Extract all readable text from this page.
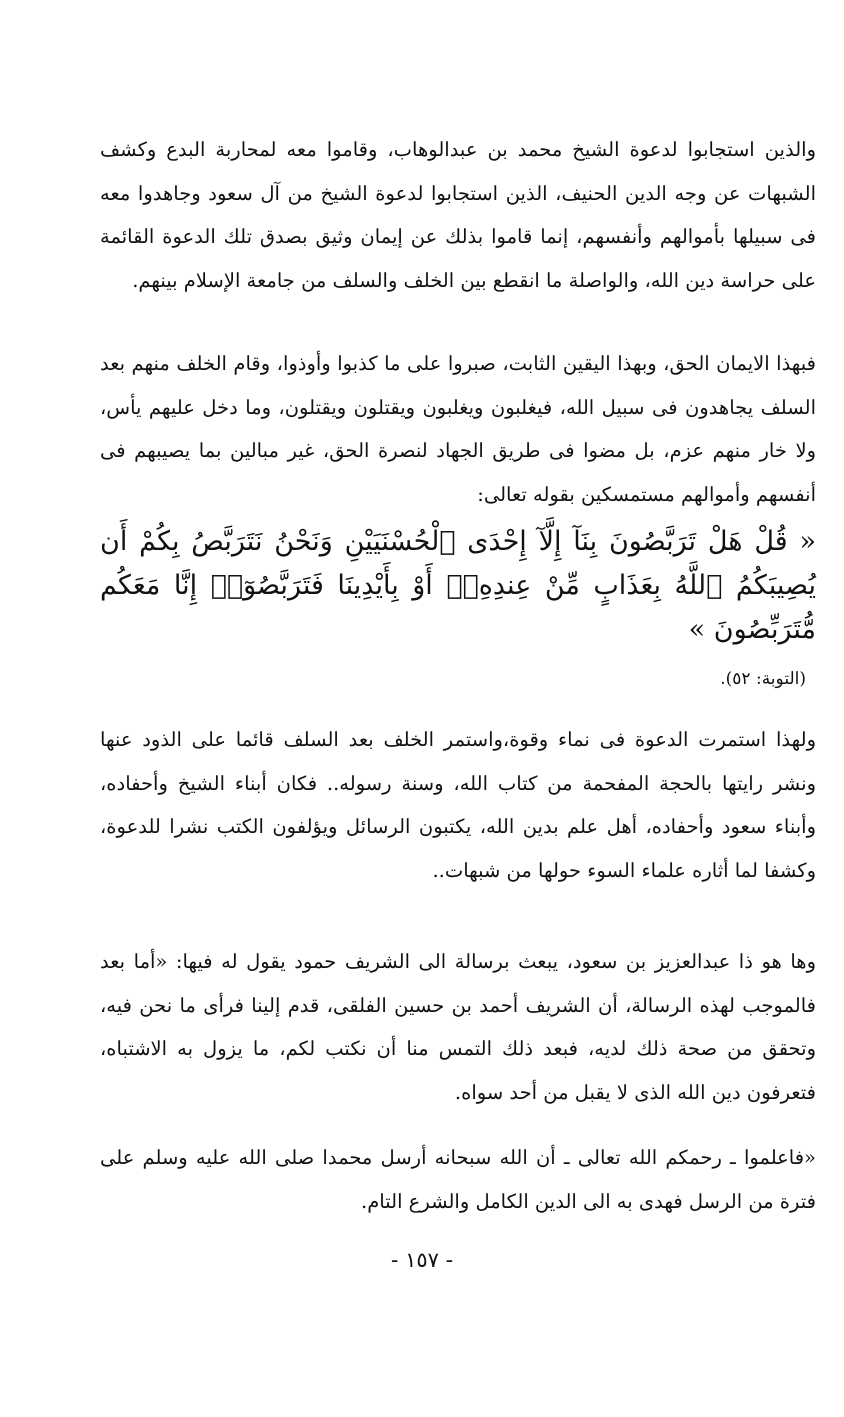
والذين استجابوا لدعوة الشيخ محمد بن عبدالوهاب، وقاموا معه لمحاربة البدع وكشف الشبهات عن وجه الدين الحنيف، الذين استجابوا لدعوة الشيخ من آل سعود وجاهدوا معه فى سبيلها بأموالهم وأنفسهم، إنما قاموا بذلك عن إيمان وثيق بصدق تلك الدعوة القائمة على حراسة دين الله، والواصلة ما انقطع بين الخلف والسلف من جامعة الإسلام بينهم.

فبهذا الايمان الحق، وبهذا اليقين الثابت، صبروا على ما كذبوا وأوذوا، وقام الخلف منهم بعد السلف يجاهدون فى سبيل الله، فيغلبون ويغلبون ويقتلون ويقتلون، وما دخل عليهم يأس، ولا خار منهم عزم، بل مضوا فى طريق الجهاد لنصرة الحق، غير مبالين بما يصيبهم فى أنفسهم وأموالهم مستمسكين بقوله تعالى:

« قُلْ هَلْ تَرَبَّصُونَ بِنَآ إِلَّآ إِحْدَى ٱلْحُسْنَيَيْنِ وَنَحْنُ نَتَرَبَّصُ بِكُمْ أَن يُصِيبَكُمُ ٱللَّهُ بِعَذَابٍ مِّنْ عِندِهِۦٓ أَوْ بِأَيْدِينَا فَتَرَبَّصُوٓا۟ إِنَّا مَعَكُم مُّتَرَبِّصُونَ »

(التوبة: ٥٢).

ولهذا استمرت الدعوة فى نماء وقوة،واستمر الخلف بعد السلف قائما على الذود عنها ونشر رايتها بالحجة المفحمة من كتاب الله، وسنة رسوله.. فكان أبناء الشيخ وأحفاده، وأبناء سعود وأحفاده، أهل علم بدين الله، يكتبون الرسائل ويؤلفون الكتب نشرا للدعوة، وكشفا لما أثاره علماء السوء حولها من شبهات..

وها هو ذا عبدالعزيز بن سعود، يبعث برسالة الى الشريف حمود يقول له فيها: «أما بعد فالموجب لهذه الرسالة، أن الشريف أحمد بن حسين الفلقى، قدم إلينا فرأى ما نحن فيه، وتحقق من صحة ذلك لديه، فبعد ذلك التمس منا أن نكتب لكم، ما يزول به الاشتباه، فتعرفون دين الله الذى لا يقبل من أحد سواه.

«فاعلموا ـ رحمكم الله تعالى ـ أن الله سبحانه أرسل محمدا صلى الله عليه وسلم على فترة من الرسل فهدى به الى الدين الكامل والشرع التام.

- ١٥٧ -
